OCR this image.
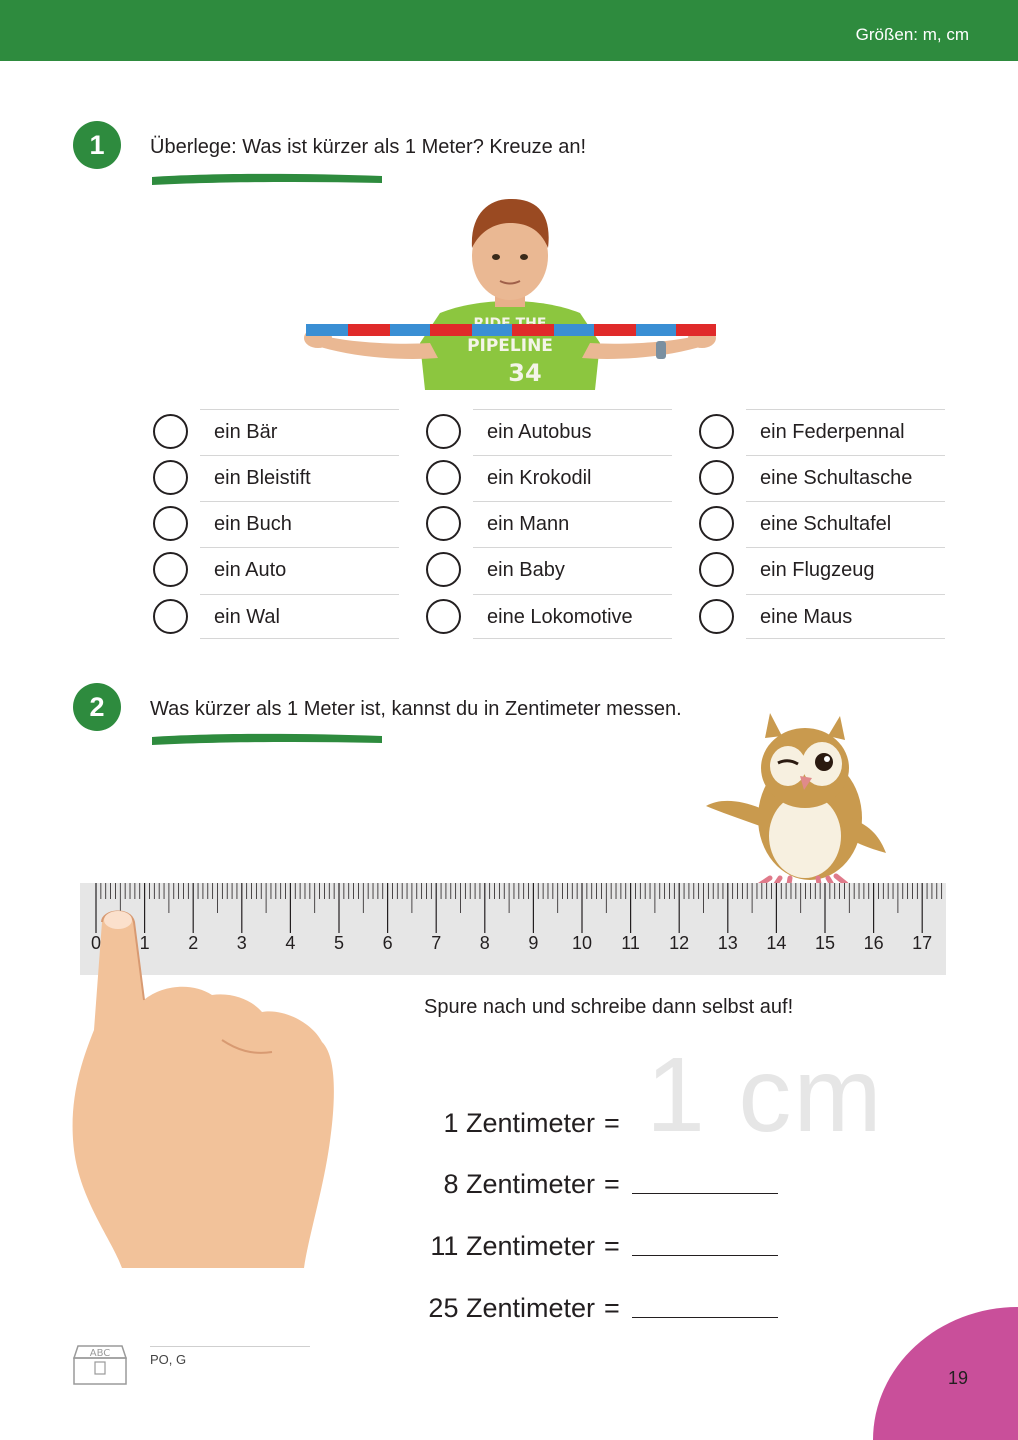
Größen: m, cm
1	Überlege: Was ist kürzer als 1 Meter? Kreuze an!
PIPELINE
34
ein Bär
ein Bleistift
ein Buch
ein Auto
ein Wal
ein Autobus
ein Krokodil
ein Mann
ein Baby
eine Lokomotive
ein Federpennal
eine Schultasche
eine Schultafel
ein Flugzeug
eine Maus
2	Was kürzer als 1 Meter ist, kannst du in Zentimeter messen.
0 1 2 3 4 5 6 7 8 9 10 11 12 13 14 15 16 17
Spure nach und schreibe dann selbst auf!
1 cm
1 Zentimeter =
8 Zentimeter =
11 Zentimeter =
25 Zentimeter =
ABC	PO, G
19
